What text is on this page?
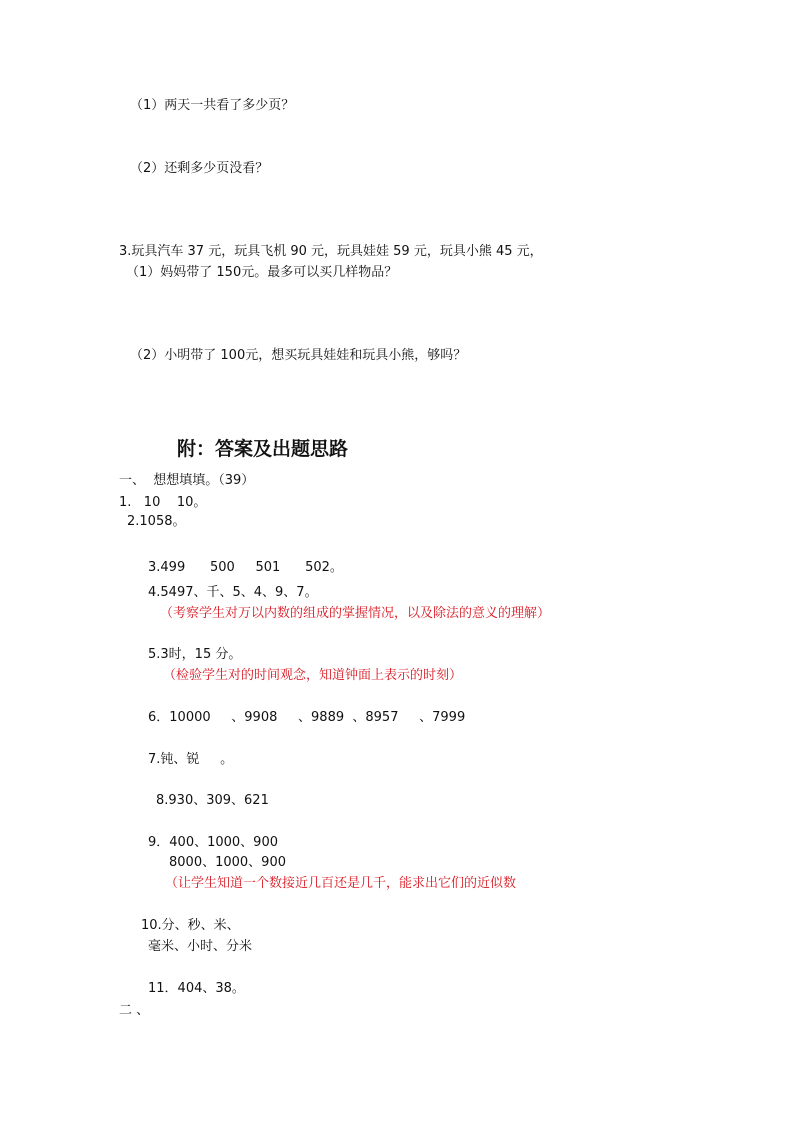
（1）两天一共看了多少页？
（2）还剩多少页没看？
3.玩具汽车 37 元，玩具飞机 90 元，玩具娃娃 59 元，玩具小熊 45 元，
（1）妈妈带了 150元。最多可以买几样物品？
（2）小明带了 100元，想买玩具娃娃和玩具小熊，够吗？
附：答案及出题思路
一、  想想填填。（39）
1.   10    10。
2.1058。
3.499      500     501      502。
4.5497、千、5、4、9、7。
（考察学生对万以内数的组成的掌握情况，以及除法的意义的理解）
5.3时，15 分。
（检验学生对的时间观念，知道钟面上表示的时刻）
6．10000     、9908     、9889  、8957     、7999
7.钝、锐     。
8.930、309、621
9．400、1000、900
8000、1000、900
（让学生知道一个数接近几百还是几千，能求出它们的近似数
10.分、秒、米、
毫米、小时、分米
11．404、38。
二 、
